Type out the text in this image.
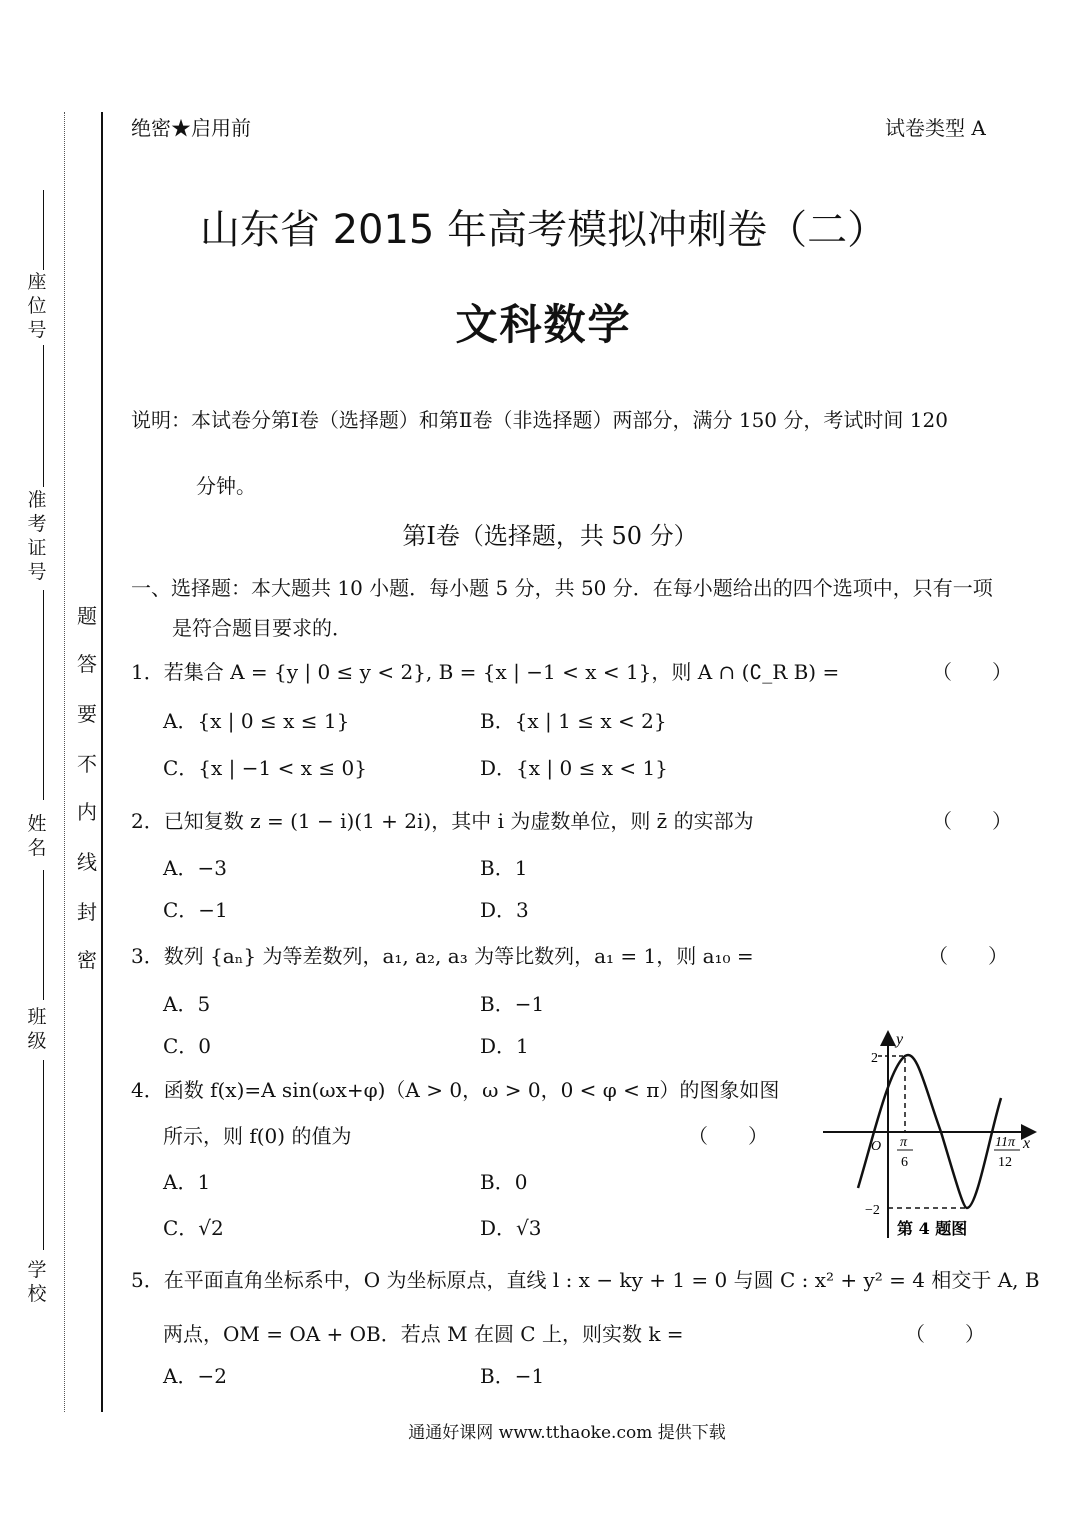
座位号
准考证号
姓名
班级
学校
题
答
要
不
内
线
封
密
绝密★启用前	试卷类型 A
山东省 2015 年高考模拟冲刺卷（二）
文科数学
说明：本试卷分第Ⅰ卷（选择题）和第Ⅱ卷（非选择题）两部分，满分 150 分，考试时间 120
分钟。
第Ⅰ卷（选择题，共 50 分）
一、选择题：本大题共 10 小题．每小题 5 分，共 50 分．在每小题给出的四个选项中，只有一项
是符合题目要求的．
1．若集合 A = {y | 0 ≤ y < 2}, B = {x | −1 < x < 1}，则 A ∩ (∁_R B) =	（　　）
A．{x | 0 ≤ x ≤ 1}	B．{x | 1 ≤ x < 2}
C．{x | −1 < x ≤ 0}	D．{x | 0 ≤ x < 1}
2．已知复数 z = (1 − i)(1 + 2i)，其中 i 为虚数单位，则 z̄ 的实部为	（　　）
A．−3	B．1
C．−1	D．3
3．数列 {aₙ} 为等差数列，a₁, a₂, a₃ 为等比数列，a₁ = 1，则 a₁₀ =	（　　）
A．5	B．−1
C．0	D．1
4．函数 f(x)=A sin(ωx+φ)（A > 0，ω > 0，0 < φ < π）的图象如图
所示，则 f(0) 的值为	（　　）
A．1	B．0
C．√2	D．√3
y
x
O
2
−2
π
6
11π
12
第 4 题图
5．在平面直角坐标系中，O 为坐标原点，直线 l : x − ky + 1 = 0 与圆 C : x² + y² = 4 相交于 A, B
两点，OM = OA + OB．若点 M 在圆 C 上，则实数 k =	（　　）
A．−2	B．−1
通通好课网 www.tthaoke.com 提供下载
